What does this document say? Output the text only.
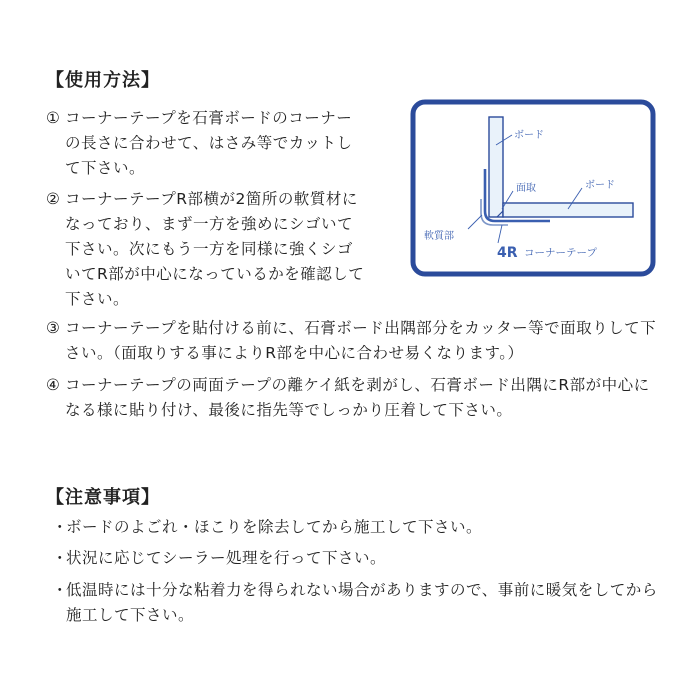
【使用方法】
① コーナーテープを石膏ボードのコーナーの長さに合わせて、はさみ等でカットして下さい。
② コーナーテープR部横が2箇所の軟質材になっており、まず一方を強めにシゴいて下さい。次にもう一方を同様に強くシゴいてR部が中心になっているかを確認して下さい。
③ コーナーテープを貼付ける前に、石膏ボード出隅部分をカッター等で面取りして下さい。（面取りする事によりR部を中心に合わせ易くなります。）
④ コーナーテープの両面テープの離ケイ紙を剥がし、石膏ボード出隅にR部が中心になる様に貼り付け、最後に指先等でしっかり圧着して下さい。
ボード
面取	ボード
軟質部
4R コーナーテープ
【注意事項】
・
ボードのよごれ・ほこりを除去してから施工して下さい。
・
状況に応じてシーラー処理を行って下さい。
・
低温時には十分な粘着力を得られない場合がありますので、事前に暖気をしてから施工して下さい。
